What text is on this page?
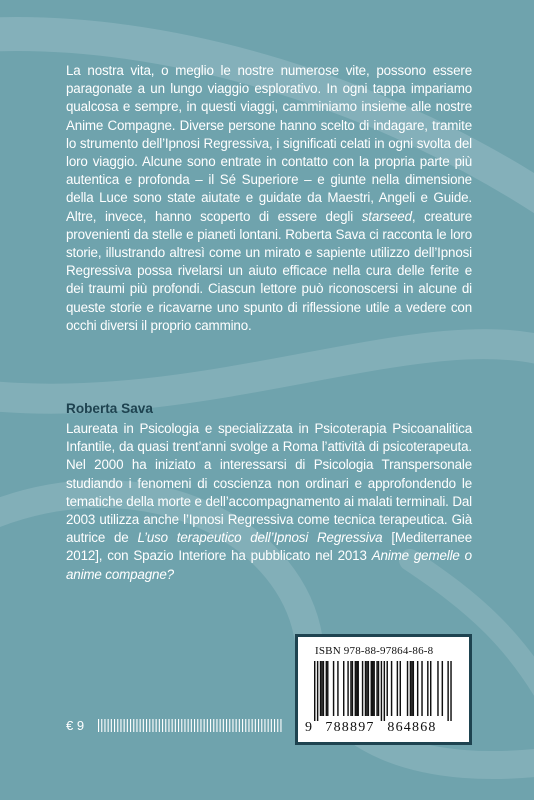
La nostra vita, o meglio le nostre numerose vite, possono essere paragonate a un lungo viaggio esplorativo. In ogni tappa impariamo qualcosa e sempre, in questi viaggi, camminiamo insieme alle nostre Anime Compagne. Diverse persone hanno scelto di indagare, tramite lo strumento dell’Ipnosi Regressiva, i significati celati in ogni svolta del loro viaggio. Alcune sono entrate in contatto con la propria parte più autentica e profonda – il Sé Superiore – e giunte nella dimensione della Luce sono state aiutate e guidate da Maestri, Angeli e Guide. Altre, invece, hanno scoperto di essere degli starseed, creature provenienti da stelle e pianeti lontani. Roberta Sava ci racconta le loro storie, illustrando altresì come un mirato e sapiente utilizzo dell’Ipnosi Regressiva possa rivelarsi un aiuto efficace nella cura delle ferite e dei traumi più profondi. Ciascun lettore può riconoscersi in alcune di queste storie e ricavarne uno spunto di riflessione utile a vedere con occhi diversi il proprio cammino.

Roberta Sava

Laureata in Psicologia e specializzata in Psicoterapia Psicoanalitica Infantile, da quasi trent’anni svolge a Roma l’attività di psicoterapeuta. Nel 2000 ha iniziato a interessarsi di Psicologia Transpersonale studiando i fenomeni di coscienza non ordinari e approfondendo le tematiche della morte e dell’accompagnamento ai malati terminali. Dal 2003 utilizza anche l’Ipnosi Regressiva come tecnica terapeutica. Già autrice de L’uso terapeutico dell’Ipnosi Regressiva [Mediterranee 2012], con Spazio Interiore ha pubblicato nel 2013 Anime gemelle o anime compagne?

ISBN 978-88-97864-86-8
9 788897 864868
€ 9
